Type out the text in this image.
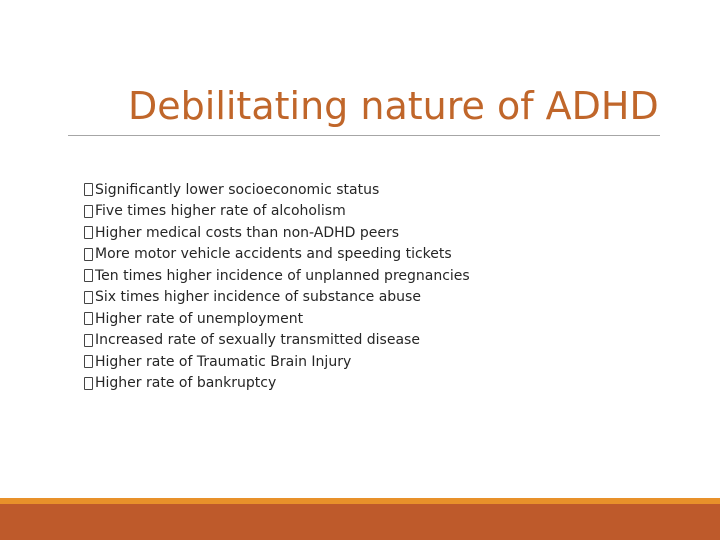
Debilitating nature of ADHD
Significantly lower socioeconomic status
Five times higher rate of alcoholism
Higher medical costs than non-ADHD peers
More motor vehicle accidents and speeding tickets
Ten times higher incidence of unplanned pregnancies
Six times higher incidence of substance abuse
Higher rate of unemployment
Increased rate of sexually transmitted disease
Higher rate of Traumatic Brain Injury
Higher rate of bankruptcy
